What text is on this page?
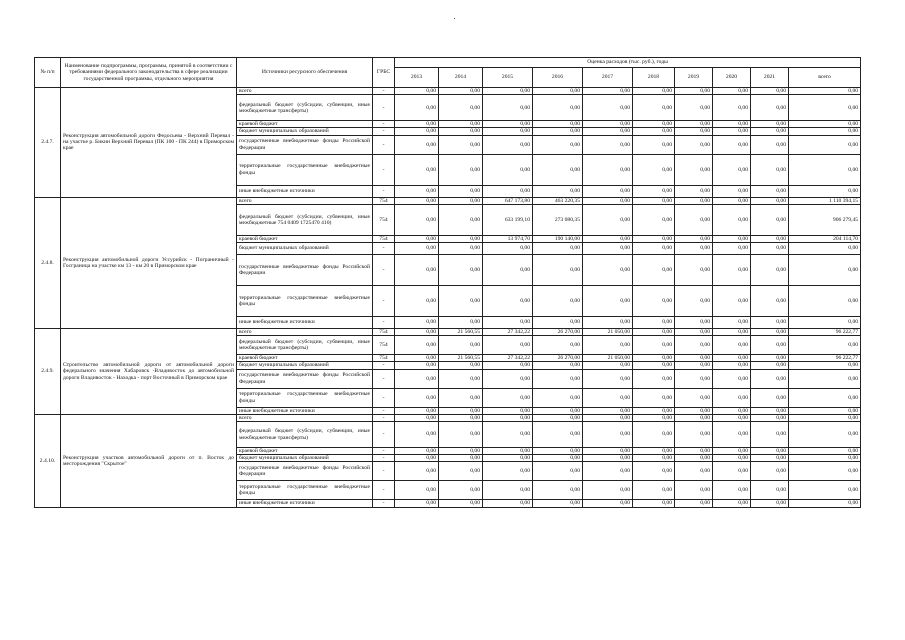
№ п/п	Наименование подпрограммы, программы, принятой в соответствии с требованиями федерального законодательства в сфере реализации государственной программы, отдельного мероприятия	Источники ресурсного обеспечения	ГРБС	Оценка расходов (тыс. руб.), годы									
				2013	2014	2015	2016	2017	2018	2019	2020	2021	всего
2.4.7.	Реконструкция автомобильной дороги Федосьева - Верхний Перевал - на участке р. Бикин Верхний Перевал (ПК 100 - ПК 244) в Приморском крае	всего	-	0,00	0,00	0,00	0,00	0,00	0,00	0,00	0,00	0,00	0,00
		федеральный бюджет (субсидии, субвенции, иные межбюджетные трансферты)	-	0,00	0,00	0,00	0,00	0,00	0,00	0,00	0,00	0,00	0,00
		краевой бюджет	-	0,00	0,00	0,00	0,00	0,00	0,00	0,00	0,00	0,00	0,00
		бюджет муниципальных образований	-	0,00	0,00	0,00	0,00	0,00	0,00	0,00	0,00	0,00	0,00
		государственные внебюджетные фонды Российской Федерации	-	0,00	0,00	0,00	0,00	0,00	0,00	0,00	0,00	0,00	0,00
		территориальные государственные внебюджетные фонды	-	0,00	0,00	0,00	0,00	0,00	0,00	0,00	0,00	0,00	0,00
		иные внебюджетные источники	-	0,00	0,00	0,00	0,00	0,00	0,00	0,00	0,00	0,00	0,00
2.4.8.	Реконструкция автомобильной дороги Уссурийск - Пограничный - Госграница на участке км 13 - км 20 в Приморском крае	всего	754	0,00	0,00	647 173,80	463 220,35	0,00	0,00	0,00	0,00	0,00	1 110 394,15
		федеральный бюджет (субсидии, субвенции, иные межбюджетные 754 0409 1725470 410)	754	0,00	0,00	633 199,10	273 080,35	0,00	0,00	0,00	0,00	0,00	906 279,45
		краевой бюджет	754	0,00	0,00	13 974,70	190 140,00	0,00	0,00	0,00	0,00	0,00	204 114,70
		бюджет муниципальных образований	-	0,00	0,00	0,00	0,00	0,00	0,00	0,00	0,00	0,00	0,00
		государственные внебюджетные фонды Российской Федерации	-	0,00	0,00	0,00	0,00	0,00	0,00	0,00	0,00	0,00	0,00
		территориальные государственные внебюджетные фонды	-	0,00	0,00	0,00	0,00	0,00	0,00	0,00	0,00	0,00	0,00
		иные внебюджетные источники	-	0,00	0,00	0,00	0,00	0,00	0,00	0,00	0,00	0,00	0,00
2.4.9.	Строительство автомобильной дороги от автомобильной дороги федерального значения Хабаровск -Владивосток до автомобильной дороги Владивосток - Находка - порт Восточный в Приморском крае	всего	754	0,00	21 560,55	27 342,22	26 270,00	21 050,00	0,00	0,00	0,00	0,00	96 222,77
		федеральный бюджет (субсидии, субвенции, иные межбюджетные трансферты)	754	0,00	0,00	0,00	0,00	0,00	0,00	0,00	0,00	0,00	0,00
		краевой бюджет	754	0,00	21 560,55	27 342,22	26 270,00	21 050,00	0,00	0,00	0,00	0,00	96 222,77
		бюджет муниципальных образований	-	0,00	0,00	0,00	0,00	0,00	0,00	0,00	0,00	0,00	0,00
		государственные внебюджетные фонды Российской Федерации	-	0,00	0,00	0,00	0,00	0,00	0,00	0,00	0,00	0,00	0,00
		территориальные государственные внебюджетные фонды	-	0,00	0,00	0,00	0,00	0,00	0,00	0,00	0,00	0,00	0,00
		иные внебюджетные источники	-	0,00	0,00	0,00	0,00	0,00	0,00	0,00	0,00	0,00	0,00
2.4.10.	Реконструкция участков автомобильной дороги от п. Восток до месторождения "Скрытое"	всего	-	0,00	0,00	0,00	0,00	0,00	0,00	0,00	0,00	0,00	0,00
		федеральный бюджет (субсидии, субвенции, иные межбюджетные трансферты)	-	0,00	0,00	0,00	0,00	0,00	0,00	0,00	0,00	0,00	0,00
		краевой бюджет	-	0,00	0,00	0,00	0,00	0,00	0,00	0,00	0,00	0,00	0,00
		бюджет муниципальных образований	-	0,00	0,00	0,00	0,00	0,00	0,00	0,00	0,00	0,00	0,00
		государственные внебюджетные фонды Российской Федерации	-	0,00	0,00	0,00	0,00	0,00	0,00	0,00	0,00	0,00	0,00
		территориальные государственные внебюджетные фонды	-	0,00	0,00	0,00	0,00	0,00	0,00	0,00	0,00	0,00	0,00
		иные внебюджетные источники	-	0,00	0,00	0,00	0,00	0,00	0,00	0,00	0,00	0,00	0,00
